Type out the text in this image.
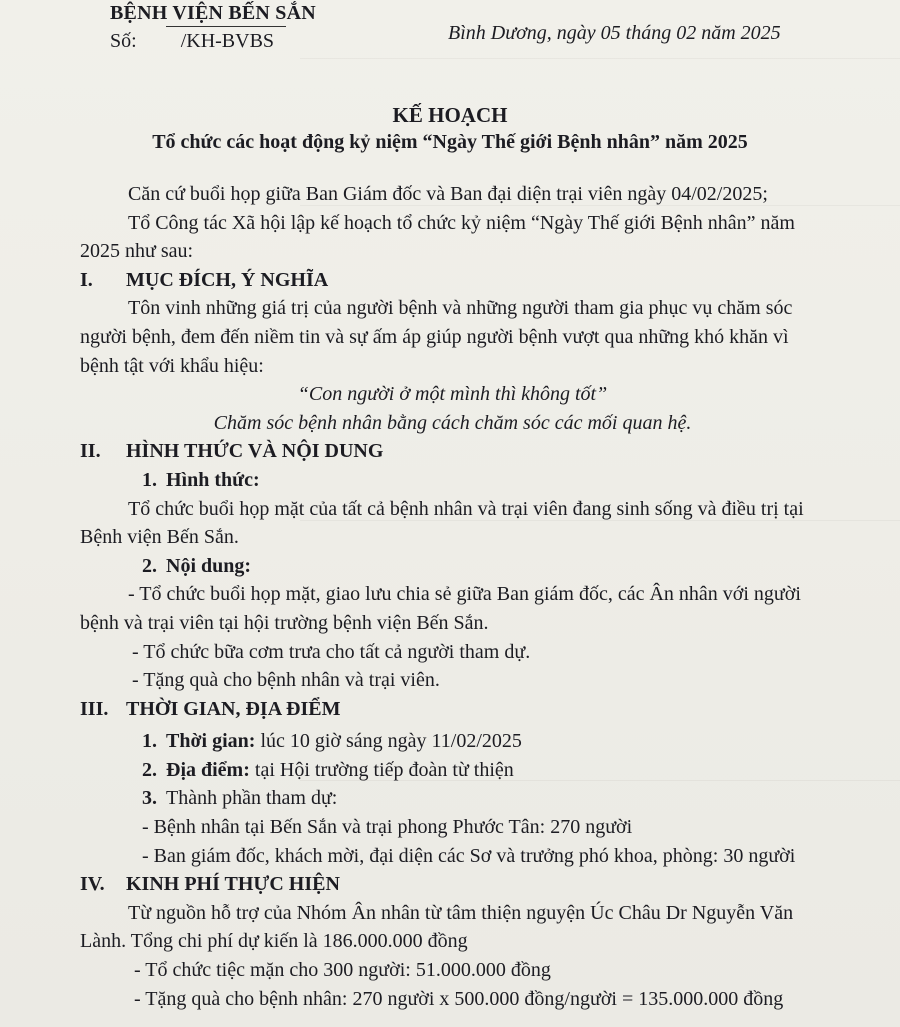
BỆNH VIỆN BẾN SẮN
Số: /KH-BVBS	Bình Dương, ngày 05 tháng 02 năm 2025
KẾ HOẠCH
Tổ chức các hoạt động kỷ niệm “Ngày Thế giới Bệnh nhân” năm 2025

Căn cứ buổi họp giữa Ban Giám đốc và Ban đại diện trại viên ngày 04/02/2025;

Tổ Công tác Xã hội lập kế hoạch tổ chức kỷ niệm “Ngày Thế giới Bệnh nhân” năm 2025 như sau:

I. MỤC ĐÍCH, Ý NGHĨA

Tôn vinh những giá trị của người bệnh và những người tham gia phục vụ chăm sóc người bệnh, đem đến niềm tin và sự ấm áp giúp người bệnh vượt qua những khó khăn vì bệnh tật với khẩu hiệu:

“Con người ở một mình thì không tốt”

Chăm sóc bệnh nhân bằng cách chăm sóc các mối quan hệ.

II. HÌNH THỨC VÀ NỘI DUNG

1. Hình thức:

Tổ chức buổi họp mặt của tất cả bệnh nhân và trại viên đang sinh sống và điều trị tại Bệnh viện Bến Sắn.

2. Nội dung:

- Tổ chức buổi họp mặt, giao lưu chia sẻ giữa Ban giám đốc, các Ân nhân với người bệnh và trại viên tại hội trường bệnh viện Bến Sắn.

- Tổ chức bữa cơm trưa cho tất cả người tham dự.

- Tặng quà cho bệnh nhân và trại viên.

III. THỜI GIAN, ĐỊA ĐIỂM

1. Thời gian: lúc 10 giờ sáng ngày 11/02/2025

2. Địa điểm: tại Hội trường tiếp đoàn từ thiện

3. Thành phần tham dự:

- Bệnh nhân tại Bến Sắn và trại phong Phước Tân: 270 người

- Ban giám đốc, khách mời, đại diện các Sơ và trưởng phó khoa, phòng: 30 người

IV. KINH PHÍ THỰC HIỆN

Từ nguồn hỗ trợ của Nhóm Ân nhân từ tâm thiện nguyện Úc Châu Dr Nguyễn Văn Lành. Tổng chi phí dự kiến là 186.000.000 đồng

- Tổ chức tiệc mặn cho 300 người: 51.000.000 đồng

- Tặng quà cho bệnh nhân: 270 người x 500.000 đồng/người = 135.000.000 đồng
